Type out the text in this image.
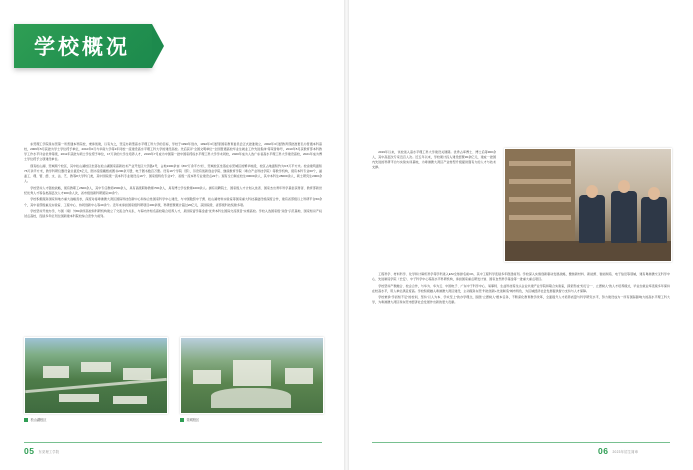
学校概况

东莞理工学院是东莞第一所普通本科院校，秉承创建，以有为之，坚定办新型高水平理工科大学的目标，学校于1990年创办，1992年3月经原国家教育委员会正式批准建立，2002年3月经教育部批准更名为普通本科高校，2006年5月获批为学士学位授予单位，2010年6月与华南大学等1年同校一流建设高水平理工科大学的建设高校。先后获评“全国文明单位”“全国普通高校毕业生就业工作先进集体”等荣誉称号，2010年5月获教育部本科教学工作水平评估优秀等级，2011年获批为硕士学位授予单位，17万余的大学生培养人才，2019年7月成为中国第一批中国家授权水平理工科大学学术同校，2020年成为人选广东省高水平理工科大学建设高校，2021年成为博士学位授予立项建设单位。

现有松山湖、莞城两个校区，其中松山湖校区坐落在松山湖国家高新技术产业开发区大学路1号，占地1300余亩（867万余平方米），莞城校区坐落在东莞城区的繁华地段，校区占地面积约为9.5万平方米。校舍建筑面积76万余平方米，教学科研仪器设备总值近5亿元，图书馆馆藏纸质图书200余万册，电子图书数百万册。设有19个学院（部），另设有创新创业学院、继续教育学院（粤台产业科技学院）等教学机构，现有本科专业60个，涵盖工、理、管、经、文、法、艺、教等8大学科门类，其中国家级一流本科专业建设点19个、国家级特色专业3个、省级一流本科专业建设点22个。现有全日制在校生30000余人，其中本科生28000余人，硕士研究生2000余人。

学校坚持人才强校战略，现有教职工2600余人，其中专任教师1500余人，具有高级职称教师700余人，具有博士学位教师1000余人。拥有双聘院士、国家级人才计划入选者、国家杰出青年科学基金获得者、教育部新世纪优秀人才等各类高层次人才300余人次，省市级创新科研团队30余个。

学校积极服务国家和地方重大战略需求，深度对接粤港澳大湾区国际科技创新中心和综合性国家科学中心建设，与中国散裂中子源、松山湖材料实验室等国家重大科技基础设施深度合作，建有省部级以上科研平台60余个，其中省部级重点实验室、工程中心、协同创新中心等40余个。近年来承担国家级科研项目400余项，科研经费累计超过20亿元，获国家级、省部级科技奖励多项。

学校坚持开放办学，与国（境）外80余所高校和科研机构建立了交流合作关系，与海内外知名高校联合培养人才，是国家留学基金委“优秀本科生国际交流项目”实施高校。学校入选国家级“双创”示范基地、国家知识产权试点高校，连续多年位列全国新建本科院校综合竞争力前列。

松山湖校区	莞城校区

2019年以来，该校进入高水平理工科大学建设关键期。优秀占率博士、博士后等900余人，其中高层次专家近百人次。近五年以来，学校累计投入建设经费30余亿元，建成一批国内先进的科研平台与实验实训基地，为粤港澳大湾区产业转型升级提供强有力的人才与技术支撑。

工程科学、材料科学、化学和计算机科学等学科进入ESI全球排名前1%，其中工程科学连续多年稳居前列。学校深入实施创新驱动发展战略，聚焦新材料、新能源、智能制造、电子信息等领域，建有粤港澳交叉科学中心、先进制造学院（长安）、中子科学中心等高水平科研机构，承担国家重点研发计划、国家自然科学基金等一批重大重点项目。

学校坚持产教融合、校企合作，与华为、华为云、中国电子、广东中子科学中心、易事特、生益科技等龙头企业共建产业学院和联合实验室，探索形成“知行合一、立德树人”的人才培养模式，毕业生就业率连续多年保持在较高水平，用人单位满意度高。学校积极融入粤港澳大湾区建设，主动服务东莞“科技创新+先进制造”城市特色，为区域经济社会发展提供智力支持与人才保障。

学校秉承“学而知不足”的校训，坚持“以人为本、学术至上”的办学理念，围绕“立德树人”根本任务，不断深化教育教学改革，全面提升人才培养质量与科学研究水平，努力建设成为一所有国际影响力的高水平理工科大学，为粤港澳大湾区和东莞市经济社会发展作出新的更大贡献。

05 东莞理工学院	06 2023年招生简章
